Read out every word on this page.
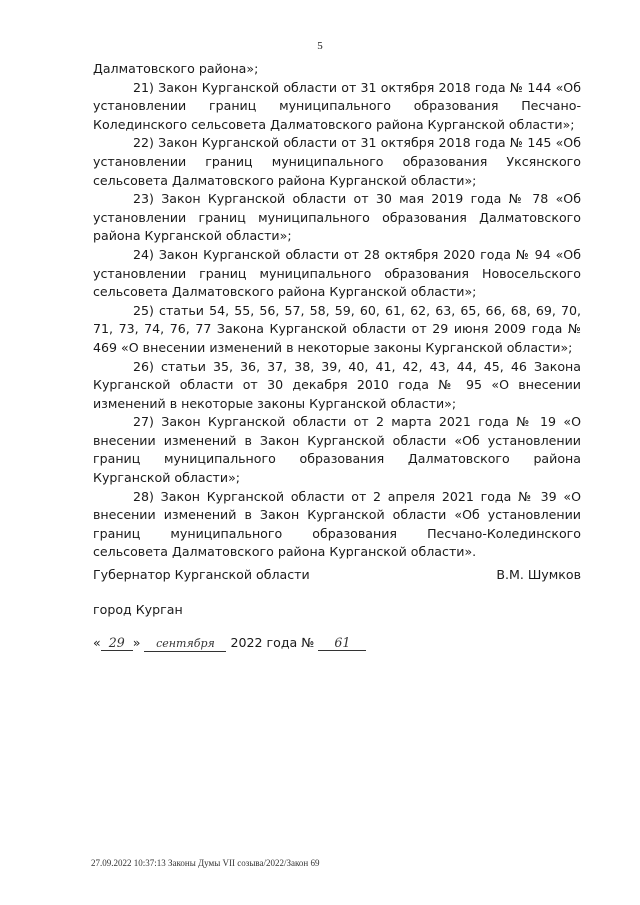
5

Далматовского района»;

21) Закон Курганской области от 31 октября 2018 года № 144 «Об установлении границ муниципального образования Песчано-Колединского сельсовета Далматовского района Курганской области»;

22) Закон Курганской области от 31 октября 2018 года № 145 «Об установлении границ муниципального образования Уксянского сельсовета Далматовского района Курганской области»;

23) Закон Курганской области от 30 мая 2019 года № 78 «Об установлении границ муниципального образования Далматовского района Курганской области»;

24) Закон Курганской области от 28 октября 2020 года № 94 «Об установлении границ муниципального образования Новосельского сельсовета Далматовского района Курганской области»;

25) статьи 54, 55, 56, 57, 58, 59, 60, 61, 62, 63, 65, 66, 68, 69, 70, 71, 73, 74, 76, 77 Закона Курганской области от 29 июня 2009 года № 469 «О внесении изменений в некоторые законы Курганской области»;

26) статьи 35, 36, 37, 38, 39, 40, 41, 42, 43, 44, 45, 46 Закона Курганской области от 30 декабря 2010 года № 95 «О внесении изменений в некоторые законы Курганской области»;

27) Закон Курганской области от 2 марта 2021 года № 19 «О внесении изменений в Закон Курганской области «Об установлении границ муниципального образования Далматовского района Курганской области»;

28) Закон Курганской области от 2 апреля 2021 года № 39 «О внесении изменений в Закон Курганской области «Об установлении границ муниципального образования Песчано-Колединского сельсовета Далматовского района Курганской области».

Губернатор Курганской области	В.М. Шумков
город Курган
« 29 » сентября 2022 года № 61
27.09.2022 10:37:13 Законы Думы VII созыва/2022/Закон 69
